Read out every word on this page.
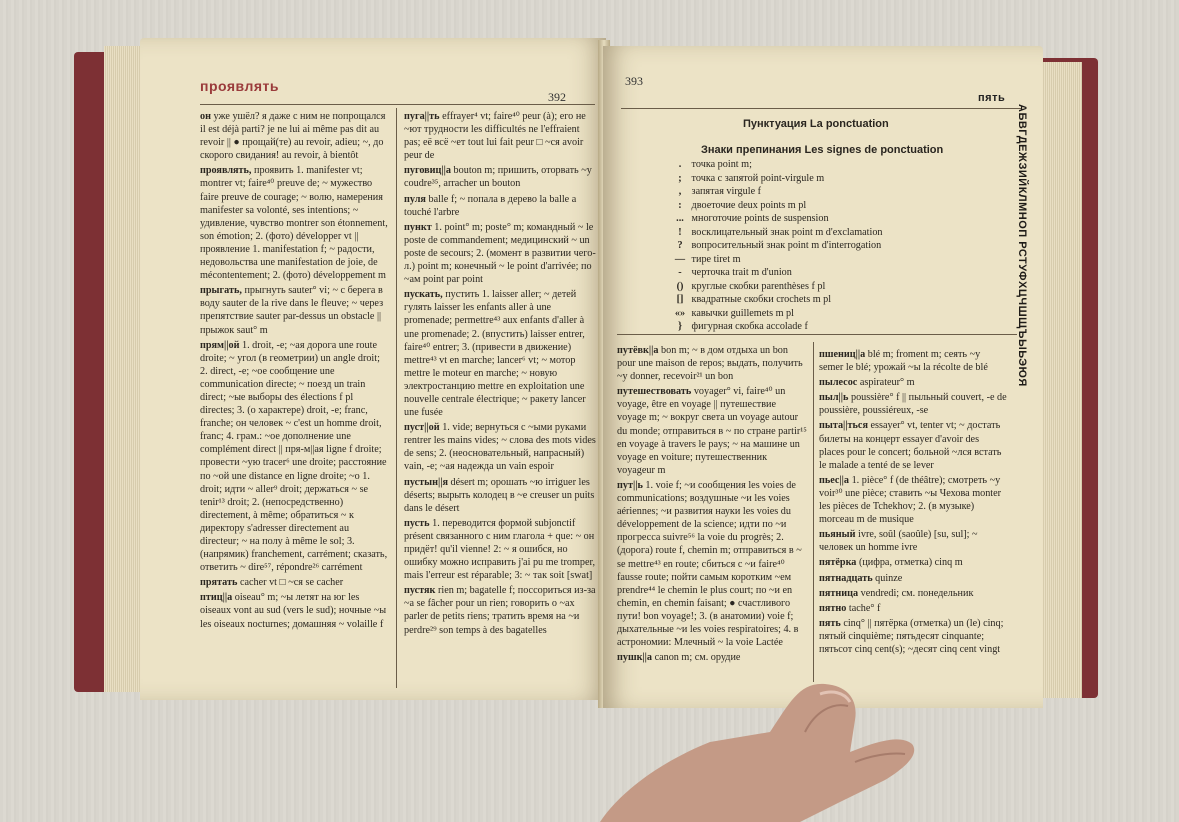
проявлять
392

он уже ушёл? я даже с ним не попрощался il est déjà parti? je ne lui ai même pas dit au revoir || ● прощай(те) au revoir, adieu; ~, до скорого свидания! au revoir, à bientôt

проявлять, проявить 1. manifester vt; montrer vt; faire⁴⁰ preuve de; ~ мужество faire preuve de courage; ~ волю, намерения manifester sa volonté, ses intentions; ~ удивление, чувство montrer son étonnement, son émotion; 2. (фото) développer vt || проявление 1. manifestation f; ~ радости, недовольства une manifestation de joie, de mécontentement; 2. (фото) développement m

прыгать, прыгнуть sauter° vi; ~ с берега в воду sauter de la rive dans le fleuve; ~ через препятствие sauter par-dessus un obstacle || прыжок saut° m

прям||ой 1. droit, -e; ~ая дорога une route droite; ~ угол (в геометрии) un angle droit; 2. direct, -e; ~ое сообщение une communication directe; ~ поезд un train direct; ~ые выборы des élections f pl directes; 3. (о характере) droit, -e; franc, franche; он человек ~ c'est un homme droit, franc; 4. грам.: ~ое дополнение une complément direct || пря-м||ая ligne f droite; провести ~ую tracer⁶ une droite; расстояние по ~ой une distance en ligne droite; ~о 1. droit; идти ~ aller⁹ droit; держаться ~ se tenir¹³ droit; 2. (непосредственно) directement, à même; обратиться ~ к директору s'adresser directement au directeur; ~ на полу à même le sol; 3. (напрямик) franchement, carrément; сказать, ответить ~ dire⁵⁷, répondre²⁶ carrément

прятать cacher vt □ ~ся se cacher

птиц||а oiseau° m; ~ы летят на юг les oiseaux vont au sud (vers le sud); ночные ~ы les oiseaux nocturnes; домашняя ~ volaille f

пуга||ть effrayer⁴ vt; faire⁴⁰ peur (à); его не ~ют трудности les difficultés ne l'effraient pas; её всё ~ет tout lui fait peur □ ~ся avoir peur de

пуговиц||а bouton m; пришить, оторвать ~у coudre³⁵, arracher un bouton

пуля balle f; ~ попала в дерево la balle a touché l'arbre

пункт 1. point° m; poste° m; командный ~ le poste de commandement; медицинский ~ un poste de secours; 2. (момент в развитии чего-л.) point m; конечный ~ le point d'arrivée; по ~ам point par point

пускать, пустить 1. laisser aller; ~ детей гулять laisser les enfants aller à une promenade; permettre⁴³ aux enfants d'aller à une promenade; 2. (впустить) laisser entrer, faire⁴⁰ entrer; 3. (привести в движение) mettre⁴³ vt en marche; lancer⁶ vt; ~ мотор mettre le moteur en marche; ~ новую электростанцию mettre en exploitation une nouvelle centrale électrique; ~ ракету lancer une fusée

пуст||ой 1. vide; вернуться с ~ыми руками rentrer les mains vides; ~ слова des mots vides de sens; 2. (неосновательный, напрасный) vain, -e; ~ая надежда un vain espoir

пустын||я désert m; орошать ~ю irriguer les déserts; вырыть колодец в ~е creuser un puits dans le désert

пусть 1. переводится формой subjonctif présent связанного с ним глагола + que: ~ он придёт! qu'il vienne! 2: ~ я ошибся, но ошибку можно исправить j'ai pu me tromper, mais l'erreur est réparable; 3: ~ так soit [swat]

пустяк rien m; bagatelle f; поссориться из-за ~а se fâcher pour un rien; говорить о ~ах parler de petits riens; тратить время на ~и perdre²⁹ son temps à des bagatelles

393
пять
Пунктуация La ponctuation
Знаки препинания Les signes de ponctuation
. точка point m;
; точка с запятой point-virgule m
, запятая virgule f
: двоеточие deux points m pl
... многоточие points de suspension
! восклицательный знак point m d'exclamation
? вопросительный знак point m d'interrogation
— тире tiret m
- черточка trait m d'union
() круглые скобки parenthèses f pl
[] квадратные скобки crochets m pl
«» кавычки guillemets m pl
} фигурная скобка accolade f

путёвк||а bon m; ~ в дом отдыха un bon pour une maison de repos; выдать, получить ~у donner, recevoir²¹ un bon

путешествовать voyager° vi, faire⁴⁰ un voyage, être en voyage || путешествие voyage m; ~ вокруг света un voyage autour du monde; отправиться в ~ по стране partir¹⁵ en voyage à travers le pays; ~ на машине un voyage en voiture; путешественник voyageur m

пут||ь 1. voie f; ~и сообщения les voies de communications; воздушные ~и les voies aériennes; ~и развития науки les voies du développement de la science; идти по ~и прогресса suivre⁵⁶ la voie du progrès; 2. (дорога) route f, chemin m; отправиться в ~ se mettre⁴³ en route; сбиться с ~и faire⁴⁰ fausse route; пойти самым коротким ~ем prendre⁴⁴ le chemin le plus court; по ~и en chemin, en chemin faisant; ● счастливого пути! bon voyage!; 3. (в анатомии) voie f; дыхательные ~и les voies respiratoires; 4. в астрономии: Млечный ~ la voie Lactée

пушк||а canon m; см. орудие

пшениц||а blé m; froment m; сеять ~у semer le blé; урожай ~ы la récolte de blé

пылесос aspirateur° m

пыл||ь poussière° f || пыльный couvert, -e de poussière, poussiéreux, -se

пыта||ться essayer° vt, tenter vt; ~ достать билеты на концерт essayer d'avoir des places pour le concert; больной ~лся встать le malade a tenté de se lever

пьес||а 1. pièce° f (de théâtre); смотреть ~у voir³⁰ une pièce; ставить ~ы Чехова monter les pièces de Tchekhov; 2. (в музыке) morceau m de musique

пьяный ivre, soûl (saoûle) [su, sul]; ~ человек un homme ivre

пятёрка (цифра, отметка) cinq m

пятнадцать quinze

пятница vendredi; см. понедельник

пятно tache° f

пять cinq° || пятёрка (отметка) un (le) cinq; пятый cinquième; пятьдесят cinquante; пятьсот cinq cent(s); ~десят cinq cent vingt

АБВГДЕЖЗИЙКЛМНОП РСТУФХЦЧШЩЪЫЬЭЮЯ
